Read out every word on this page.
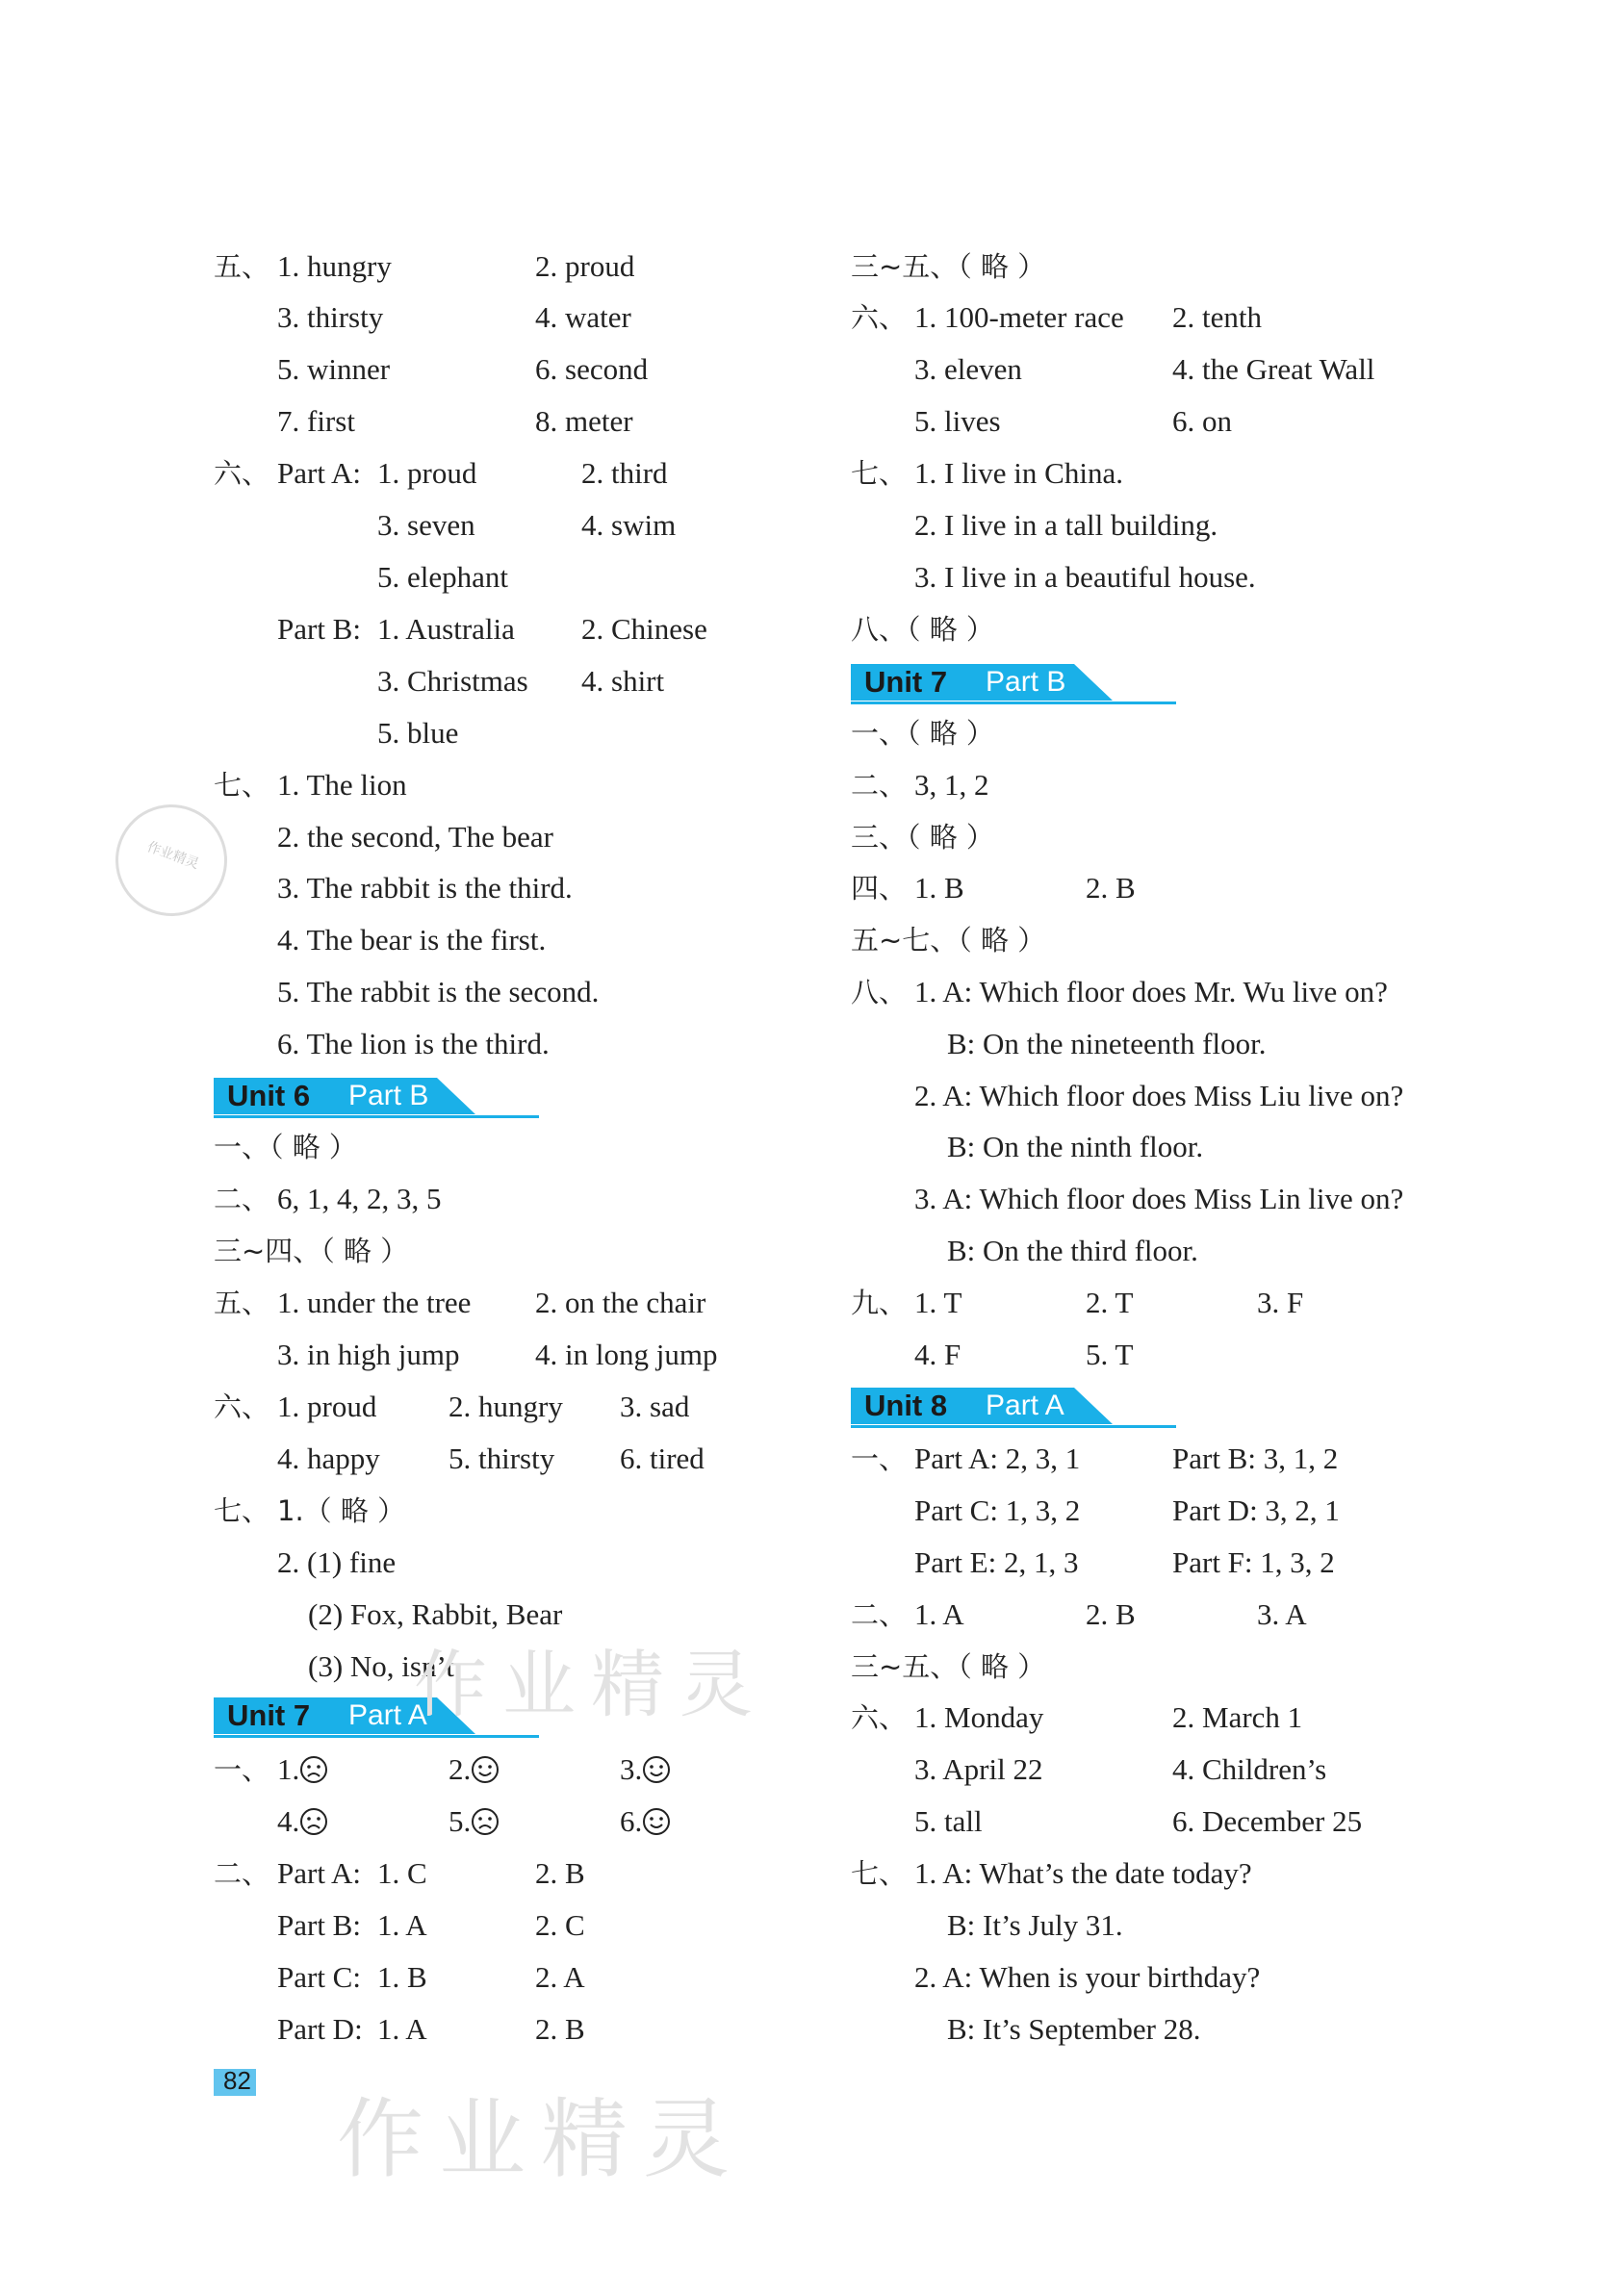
五、 1. hungry	2. proud
3. thirsty	4. water
5. winner	6. second
7. first	8. meter
六、 Part A: 1. proud	2. third
3. seven	4. swim
5. elephant
Part B: 1. Australia 2. Chinese
3. Christmas 4. shirt
5. blue
七、 1. The lion
2. the second, The bear
3. The rabbit is the third.
4. The bear is the first.
5. The rabbit is the second.
6. The lion is the third.
Unit 6 Part B
一、（ 略 ）
二、 6, 1, 4, 2, 3, 5
三~四、（ 略 ）
五、 1. under the tree 2. on the chair
3. in high jump	4. in long jump
六、 1. proud 2. hungry 3. sad
4. happy 5. thirsty 6. tired
七、 1.（ 略 ）
2. (1) fine
(2) Fox, Rabbit, Bear
(3) No, isn’t
Unit 7 Part A
一、 1.	2.	3.
4.	5.	6.
二、 Part A: 1. C	2. B
Part B: 1. A	2. C
Part C: 1. B	2. A
Part D: 1. A	2. B
82
三~五、（ 略 ）
六、 1. 100-meter race 2. tenth
3. eleven	4. the Great Wall
5. lives	6. on
七、 1. I live in China.
2. I live in a tall building.
3. I live in a beautiful house.
八、（ 略 ）
Unit 7 Part B
一、（ 略 ）
二、 3, 1, 2
三、（ 略 ）
四、 1. B	2. B
五~七、（ 略 ）
八、 1. A: Which floor does Mr. Wu live on?
B: On the nineteenth floor.
2. A: Which floor does Miss Liu live on?
B: On the ninth floor.
3. A: Which floor does Miss Lin live on?
B: On the third floor.
九、 1. T	2. T	3. F
4. F	5. T
Unit 8 Part A
一、 Part A: 2, 3, 1	Part B: 3, 1, 2
Part C: 1, 3, 2	Part D: 3, 2, 1
Part E: 2, 1, 3	Part F: 1, 3, 2
二、 1. A	2. B	3. A
三~五、（ 略 ）
六、 1. Monday	2. March 1
3. April 22	4. Children’s
5. tall	6. December 25
七、 1. A: What’s the date today?
B: It’s July 31.
2. A: When is your birthday?
B: It’s September 28.
作业精灵
作业精灵
作业精灵
